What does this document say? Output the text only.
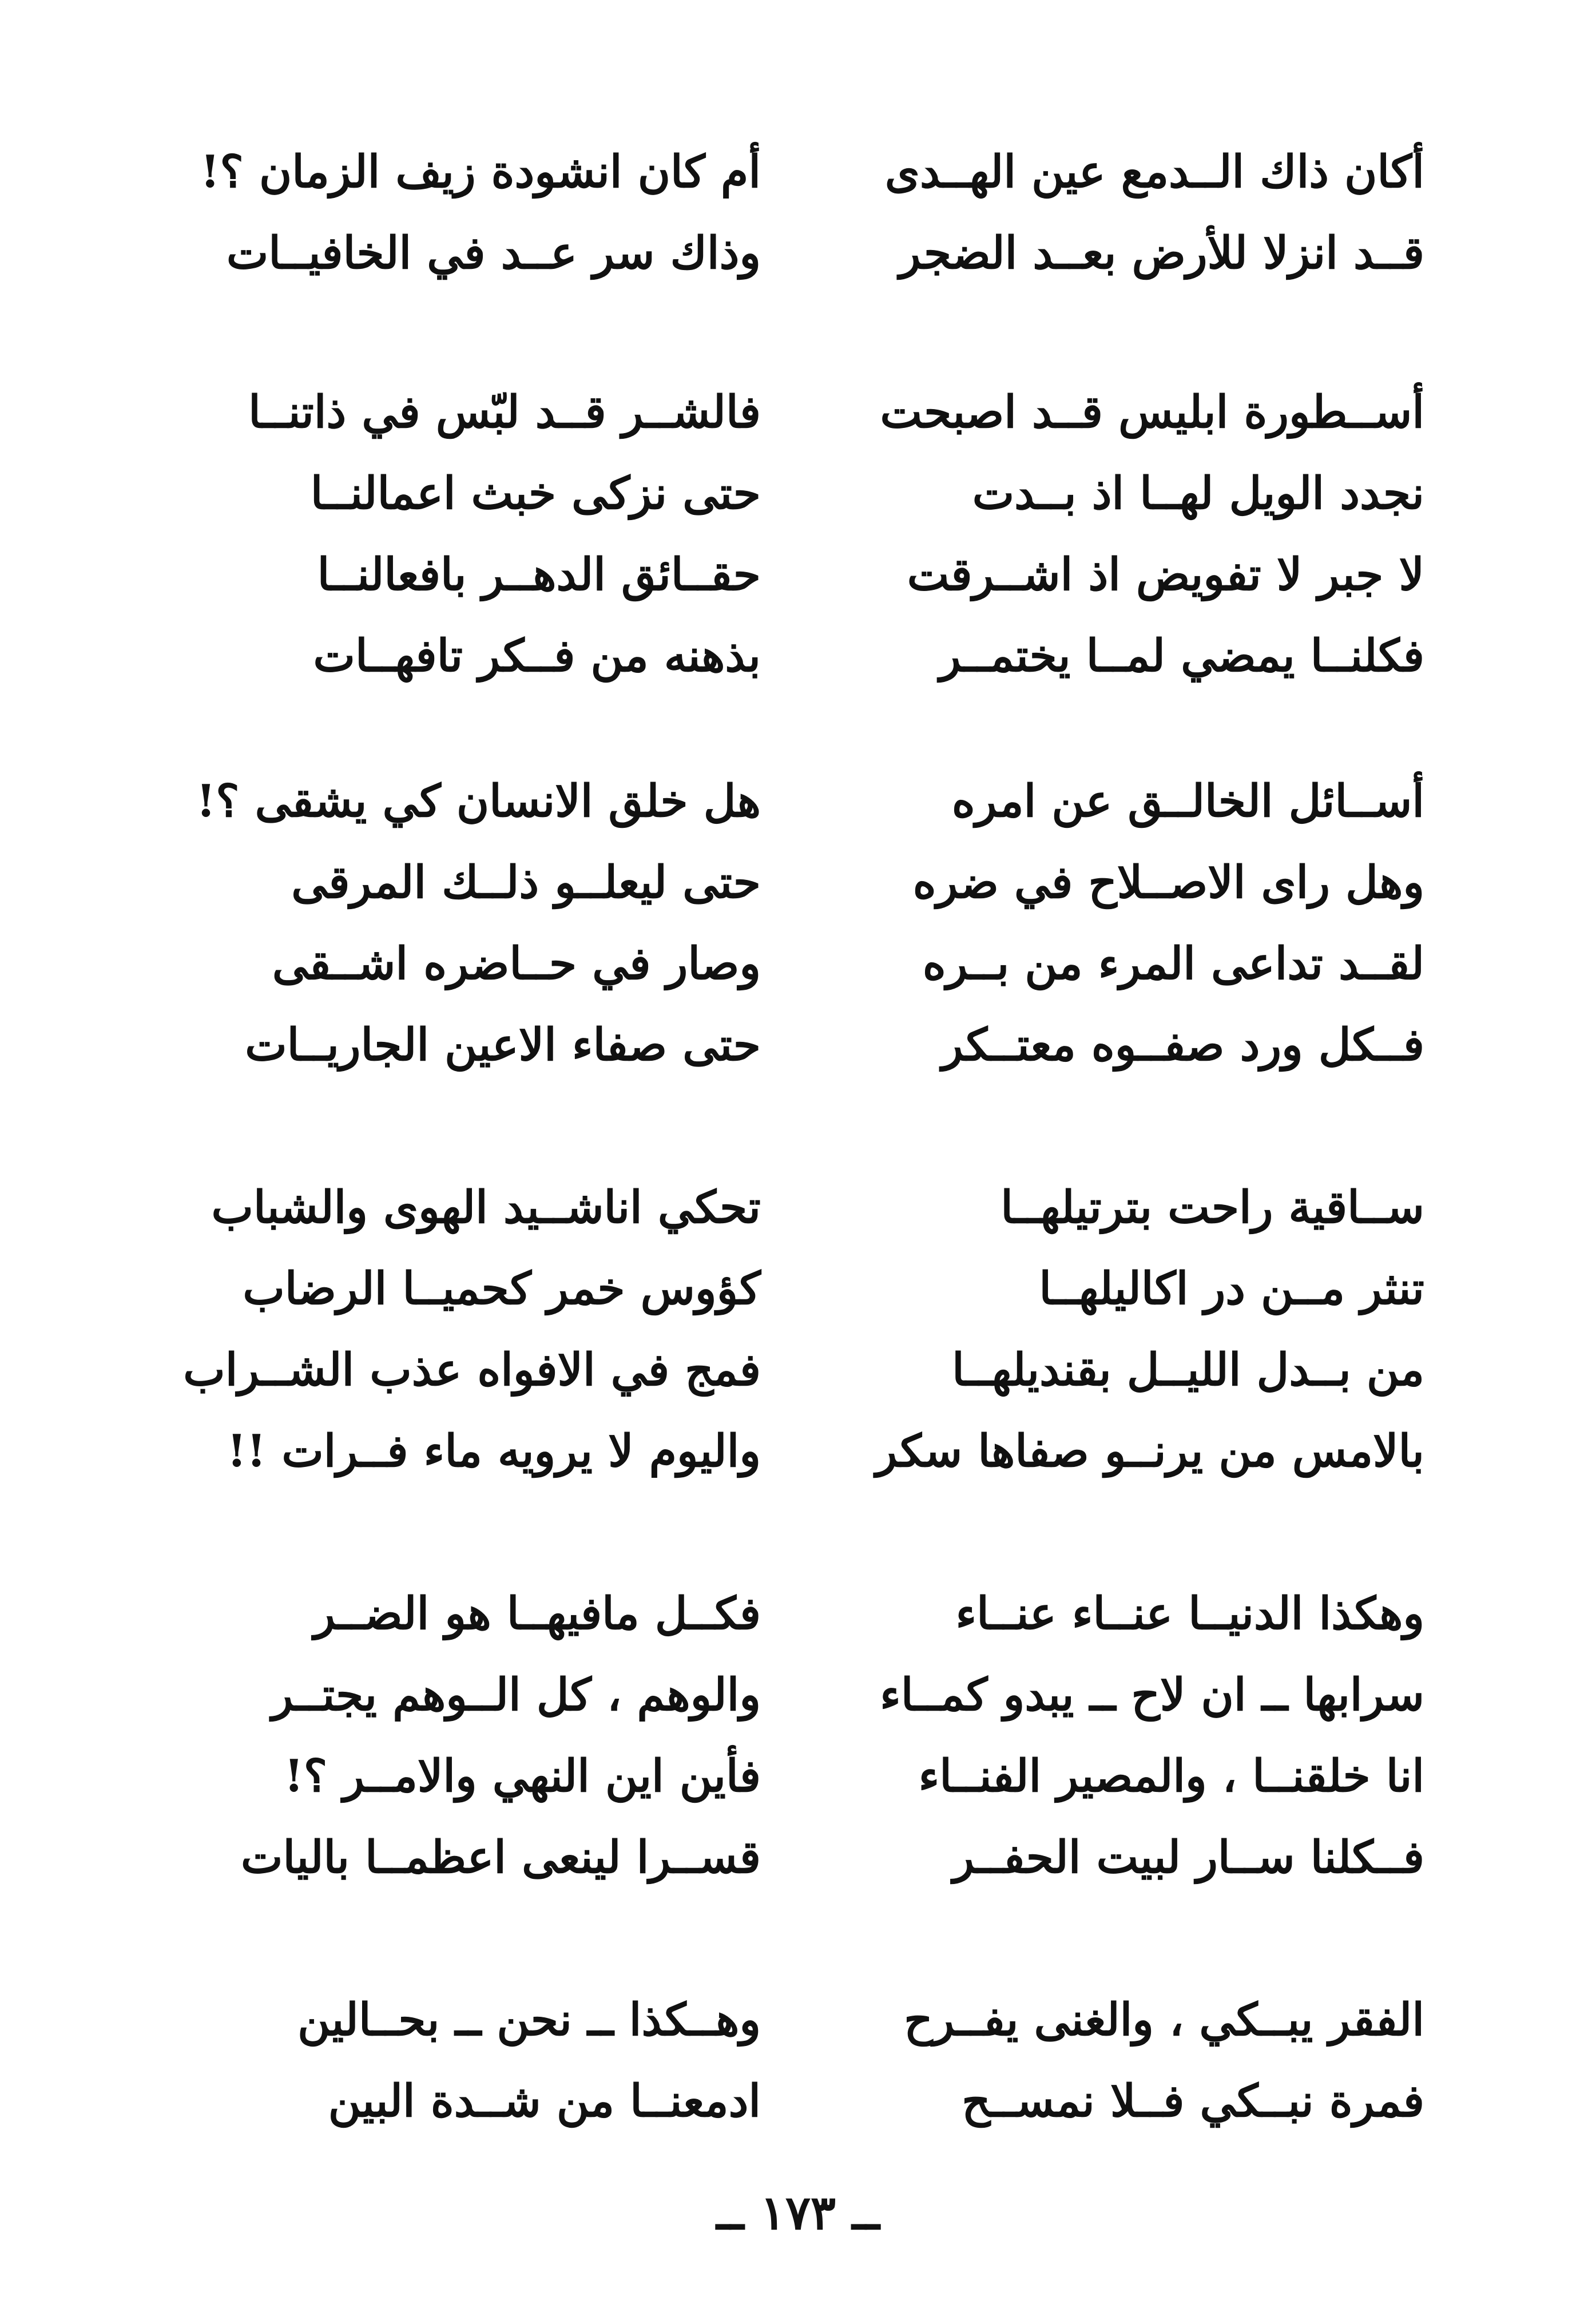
أكان ذاك الــدمع عين الهــدى
أم كان انشودة زيف الزمان ؟!
قــد انزلا للأرض بعــد الضجر
وذاك سر عــد في الخافيــات
أســطورة ابليس قــد اصبحت
فالشــر قــد لبّس في ذاتنــا
نجدد الويل لهــا اذ بــدت
حتى نزكى خبث اعمالنــا
لا جبر لا تفويض اذ اشــرقت
حقــائق الدهــر بافعالنــا
فكلنــا يمضي لمــا يختمــر
بذهنه من فــكر تافهــات
أســائل الخالــق عن امره
هل خلق الانسان كي يشقى ؟!
وهل راى الاصــلاح في ضره
حتى ليعلــو ذلــك المرقى
لقــد تداعى المرء من بــره
وصار في حــاضره اشــقى
فــكل ورد صفــوه معتــكر
حتى صفاء الاعين الجاريــات
ســاقية راحت بترتيلهــا
تحكي اناشــيد الهوى والشباب
تنثر مــن در اكاليلهــا
كؤوس خمر كحميــا الرضاب
من بــدل الليــل بقنديلهــا
فمج في الافواه عذب الشــراب
بالامس من يرنــو صفاها سكر
واليوم لا يرويه ماء فــرات !!
وهكذا الدنيــا عنــاء عنــاء
فكــل مافيهــا هو الضــر
سرابها ــ ان لاح ــ يبدو كمــاء
والوهم ، كل الــوهم يجتــر
انا خلقنــا ، والمصير الفنــاء
فأين اين النهي والامــر ؟!
فــكلنا ســار لبيت الحفــر
قســرا لينعى اعظمــا باليات
الفقر يبــكي ، والغنى يفــرح
وهــكذا ــ نحن ــ بحــالين
فمرة نبــكي فــلا نمســح
ادمعنــا من شــدة البين
ــ ١٧٣ ــ
